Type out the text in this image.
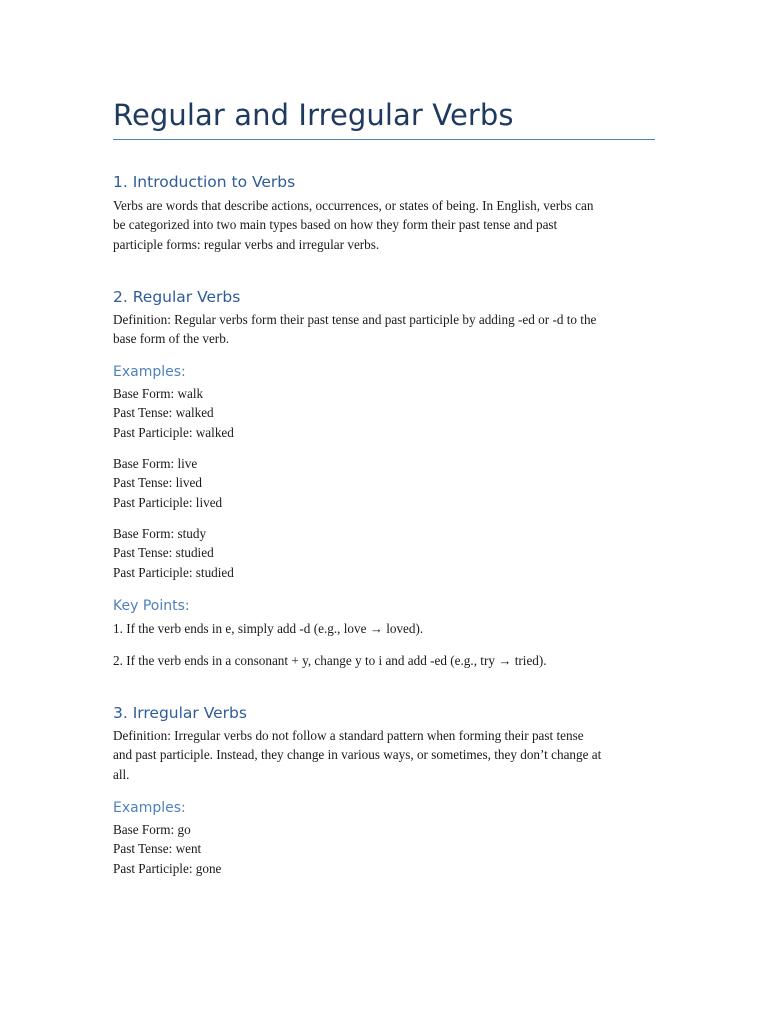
Regular and Irregular Verbs
1. Introduction to Verbs

Verbs are words that describe actions, occurrences, or states of being. In English, verbs can
be categorized into two main types based on how they form their past tense and past
participle forms: regular verbs and irregular verbs.

2. Regular Verbs

Definition: Regular verbs form their past tense and past participle by adding -ed or -d to the
base form of the verb.

Examples:

Base Form: walk
Past Tense: walked
Past Participle: walked

Base Form: live
Past Tense: lived
Past Participle: lived

Base Form: study
Past Tense: studied
Past Participle: studied

Key Points:

1. If the verb ends in e, simply add -d (e.g., love → loved).

2. If the verb ends in a consonant + y, change y to i and add -ed (e.g., try → tried).

3. Irregular Verbs

Definition: Irregular verbs do not follow a standard pattern when forming their past tense
and past participle. Instead, they change in various ways, or sometimes, they don’t change at
all.

Examples:

Base Form: go
Past Tense: went
Past Participle: gone
